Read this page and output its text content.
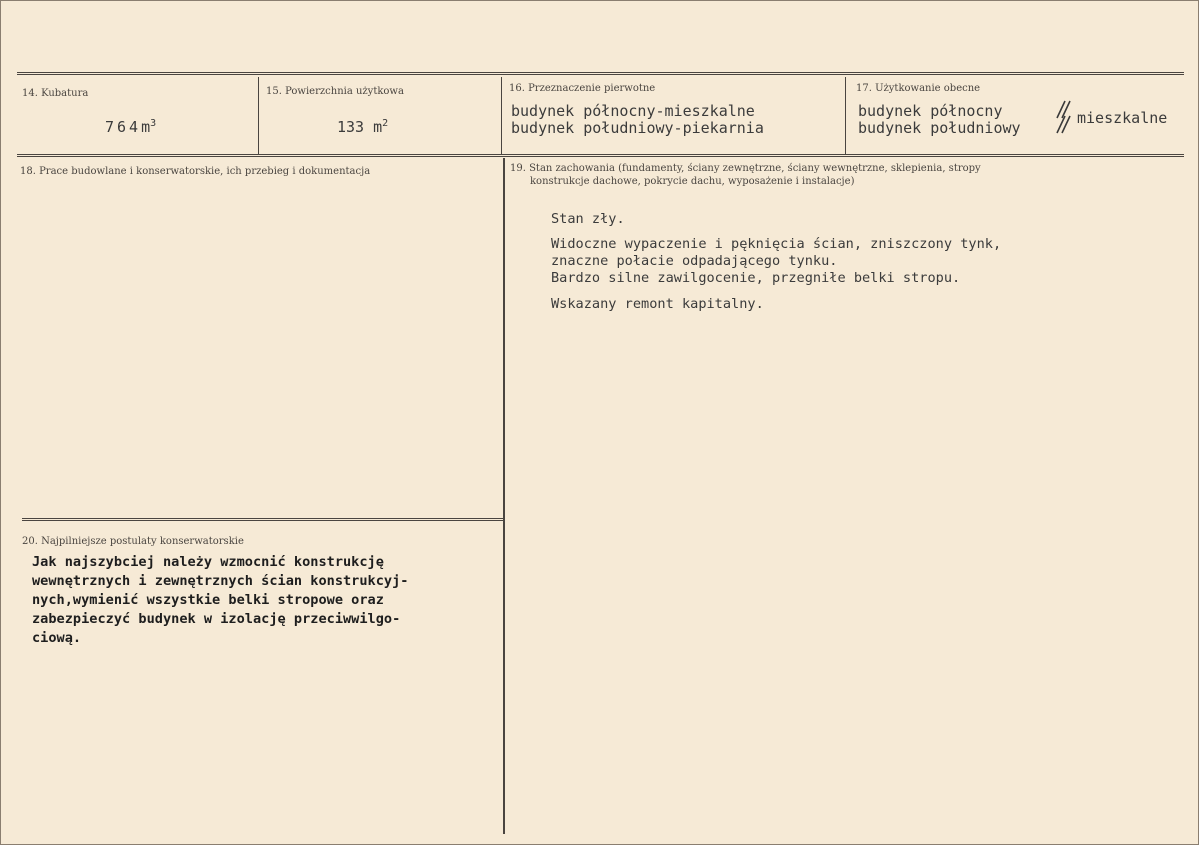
14. Kubatura
$764m^3$
15. Powierzchnia użytkowa
133 $m^2$
16. Przeznaczenie pierwotne
budynek północny-mieszkalne
budynek południowy-piekarnia
17. Użytkowanie obecne
budynek północny
budynek południowy
mieszkalne
18. Prace budowlane i konserwatorskie, ich przebieg i dokumentacja	19. Stan zachowania (fundamenty, ściany zewnętrzne, ściany wewnętrzne, sklepienia, stropy
konstrukcje dachowe, pokrycie dachu, wyposażenie i instalacje)
Stan zły.
Widoczne wypaczenie i pęknięcia ścian, zniszczony tynk,
znaczne połacie odpadającego tynku.
Bardzo silne zawilgocenie, przegniłe belki stropu.
Wskazany remont kapitalny.
20. Najpilniejsze postulaty konserwatorskie
Jak najszybciej należy wzmocnić konstrukcję
wewnętrznych i zewnętrznych ścian konstrukcyj-
nych,wymienić wszystkie belki stropowe oraz
zabezpieczyć budynek w izolację przeciwwilgo-
ciową.
